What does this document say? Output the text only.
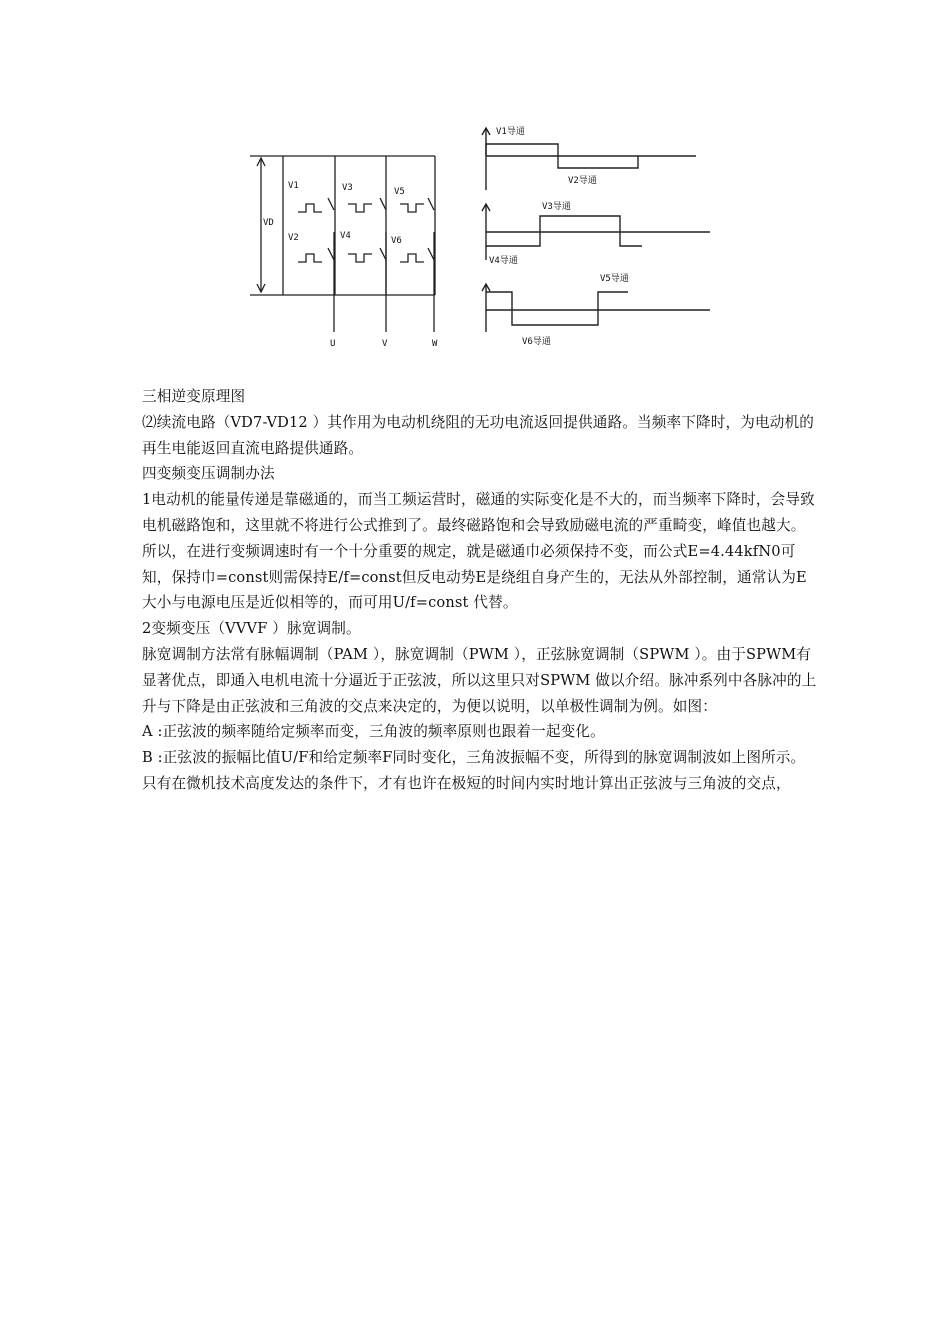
VD
V1	V3	V5
V2	V4	V6
U	V	W
V1导通
V2导通
V3导通
V4导通
V5导通
V6导通

三相逆变原理图

⑵续流电路（VD7-VD12 ）其作用为电动机绕阻的无功电流返回提供通路。当频率下降时，为电动机的再生电能返回直流电路提供通路。

四变频变压调制办法

1电动机的能量传递是靠磁通的，而当工频运营时，磁通的实际变化是不大的，而当频率下降时，会导致电机磁路饱和，这里就不将进行公式推到了。最终磁路饱和会导致励磁电流的严重畸变，峰值也越大。所以，在进行变频调速时有一个十分重要的规定，就是磁通巾必须保持不变，而公式E=4.44kfN0可知，保持巾=const则需保持E/f=const但反电动势E是绕组自身产生的，无法从外部控制，通常认为E大小与电源电压是近似相等的，而可用U/f=const 代替。

2变频变压（VVVF ）脉宽调制。

脉宽调制方法常有脉幅调制（PAM ），脉宽调制（PWM ），正弦脉宽调制（SPWM ）。由于SPWM有显著优点，即通入电机电流十分逼近于正弦波，所以这里只对SPWM 做以介绍。脉冲系列中各脉冲的上升与下降是由正弦波和三角波的交点来决定的，为便以说明，以单极性调制为例。如图：

A :正弦波的频率随给定频率而变，三角波的频率原则也跟着一起变化。

B :正弦波的振幅比值U/F和给定频率F同时变化，三角波振幅不变，所得到的脉宽调制波如上图所示。只有在微机技术高度发达的条件下，才有也许在极短的时间内实时地计算出正弦波与三角波的交点，
